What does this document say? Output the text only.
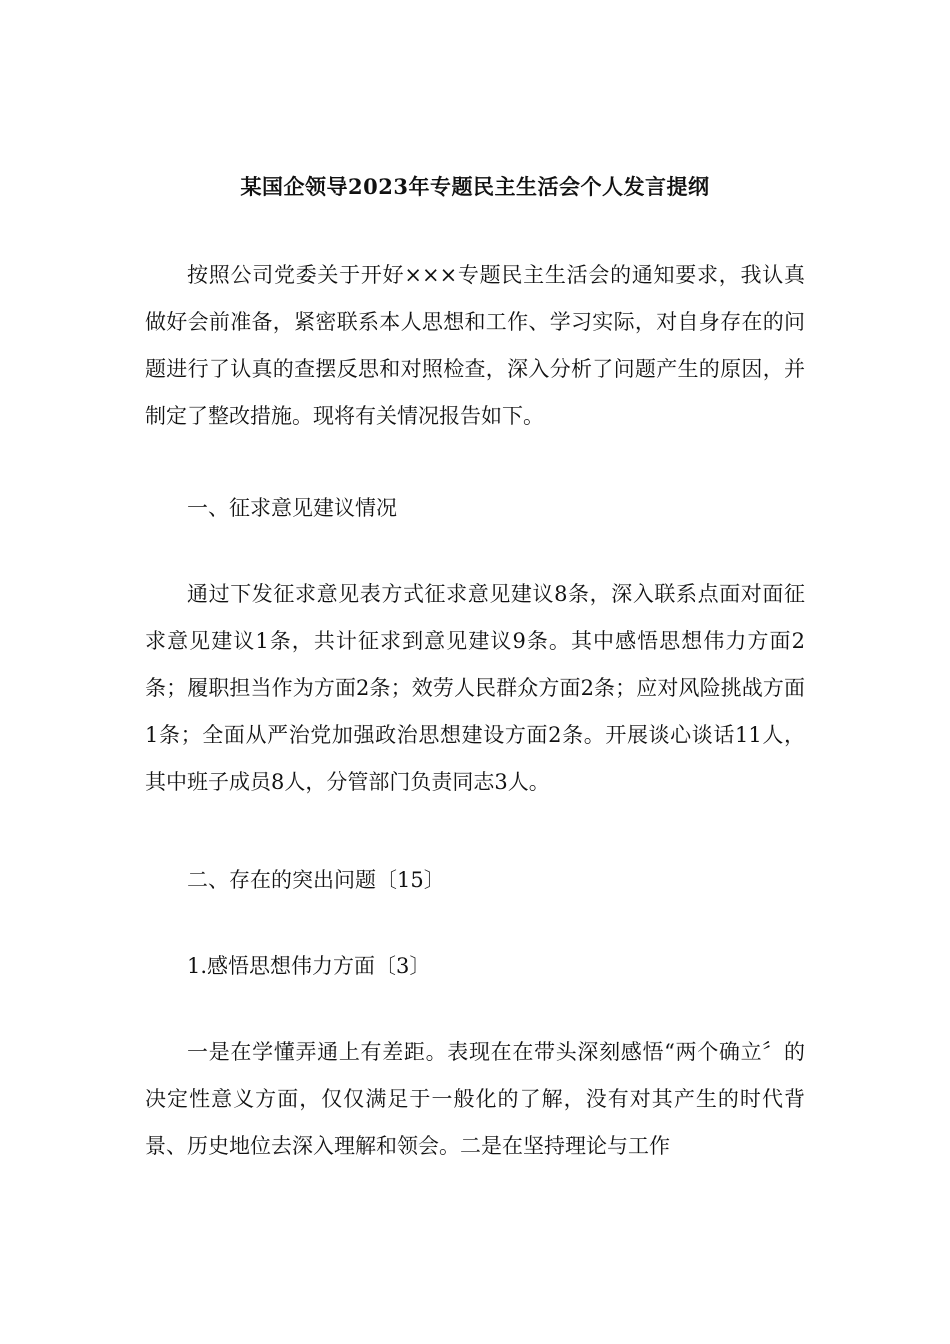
某国企领导2023年专题民主生活会个人发言提纲

按照公司党委关于开好×××专题民主生活会的通知要求，我认真做好会前准备，紧密联系本人思想和工作、学习实际，对自身存在的问题进行了认真的查摆反思和对照检查，深入分析了问题产生的原因，并制定了整改措施。现将有关情况报告如下。

一、征求意见建议情况

通过下发征求意见表方式征求意见建议8条，深入联系点面对面征求意见建议1条，共计征求到意见建议9条。其中感悟思想伟力方面2条；履职担当作为方面2条；效劳人民群众方面2条；应对风险挑战方面1条；全面从严治党加强政治思想建设方面2条。开展谈心谈话11人，其中班子成员8人，分管部门负责同志3人。

二、存在的突出问题〔15〕

1.感悟思想伟力方面〔3〕

一是在学懂弄通上有差距。表现在在带头深刻感悟“两个确立〞的决定性意义方面，仅仅满足于一般化的了解，没有对其产生的时代背景、历史地位去深入理解和领会。二是在坚持理论与工作
